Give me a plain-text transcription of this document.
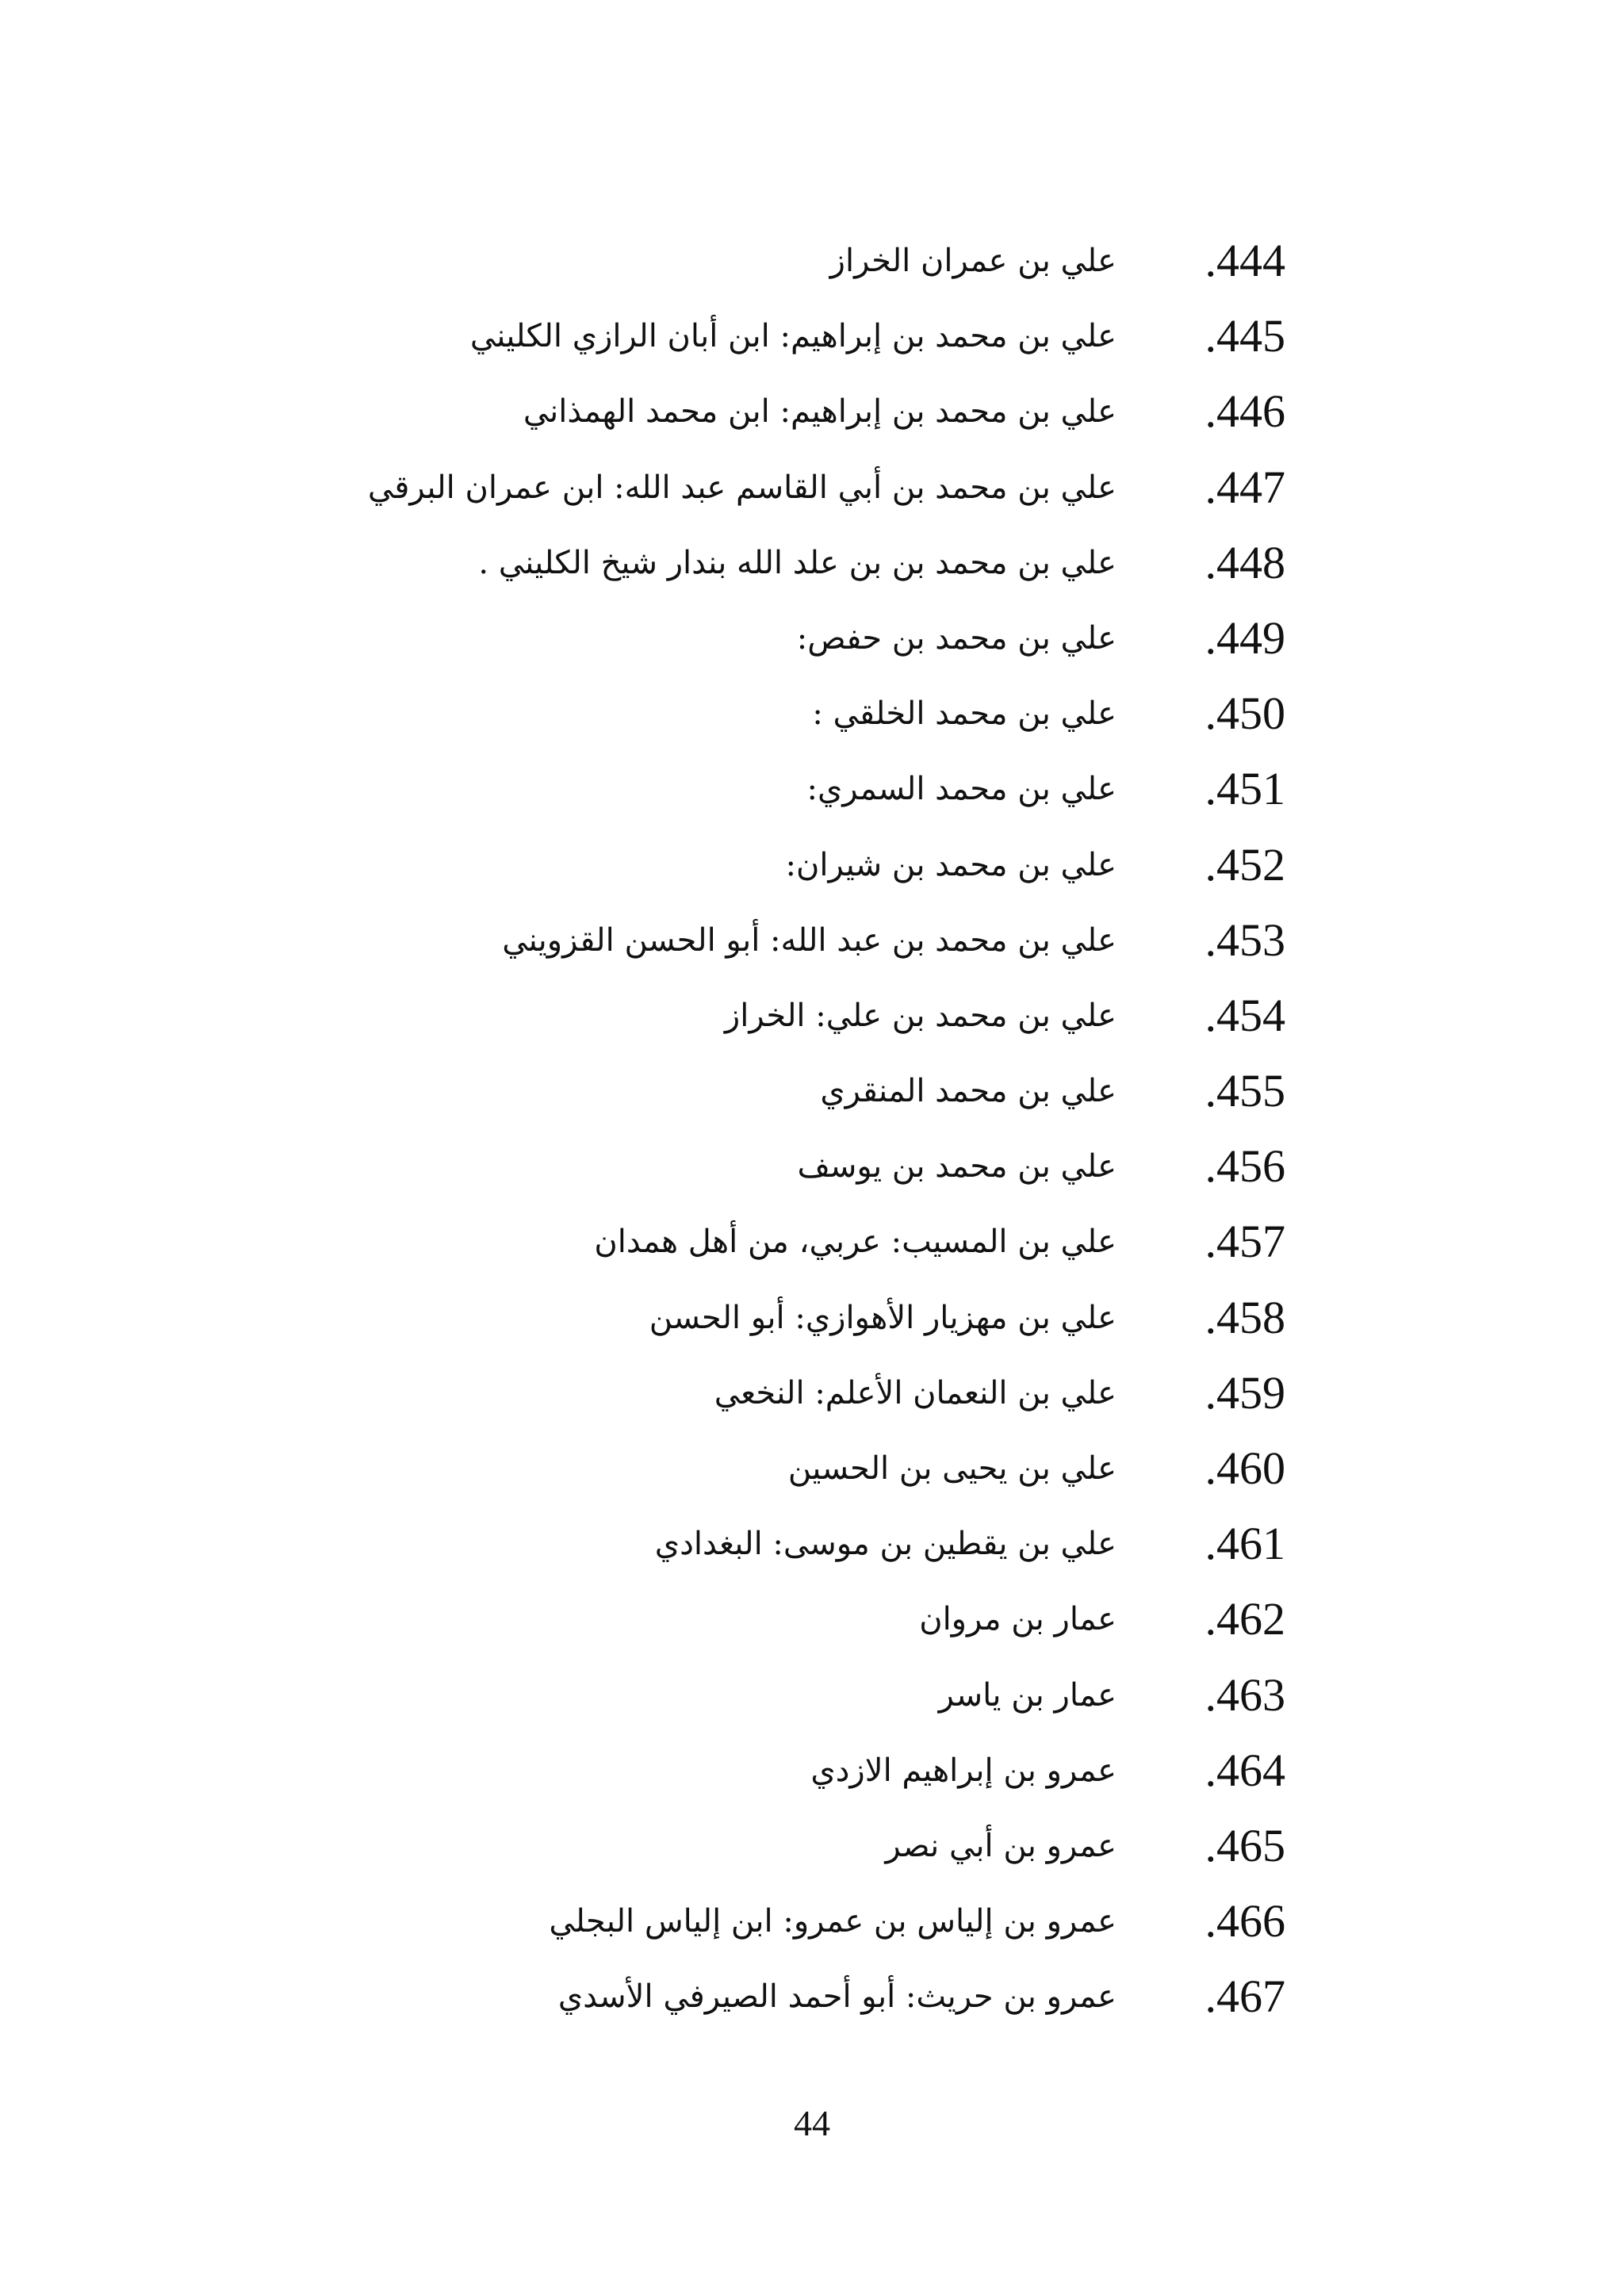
.444
علي بن عمران الخراز
.445
علي بن محمد بن إبراهيم: ابن أبان الرازي الكليني
.446
علي بن محمد بن إبراهيم: ابن محمد الهمذاني
.447
علي بن محمد بن أبي القاسم عبد الله: ابن عمران البرقي
.448
علي بن محمد بن بن علد الله بندار شيخ الكليني .
.449
علي بن محمد بن حفص:
.450
علي بن محمد الخلقي :
.451
علي بن محمد السمري:
.452
علي بن محمد بن شيران:
.453
علي بن محمد بن عبد الله: أبو الحسن القزويني
.454
علي بن محمد بن علي: الخراز
.455
علي بن محمد المنقري
.456
علي بن محمد بن يوسف
.457
علي بن المسيب: عربي، من أهل همدان
.458
علي بن مهزيار الأهوازي: أبو الحسن
.459
علي بن النعمان الأعلم: النخعي
.460
علي بن يحيى بن الحسين
.461
علي بن يقطين بن موسى: البغدادي
.462
عمار بن مروان
.463
عمار بن ياسر
.464
عمرو بن إبراهيم الازدي
.465
عمرو بن أبي نصر
.466
عمرو بن إلياس بن عمرو: ابن إلياس البجلي
.467
عمرو بن حريث: أبو أحمد الصيرفي الأسدي
44
